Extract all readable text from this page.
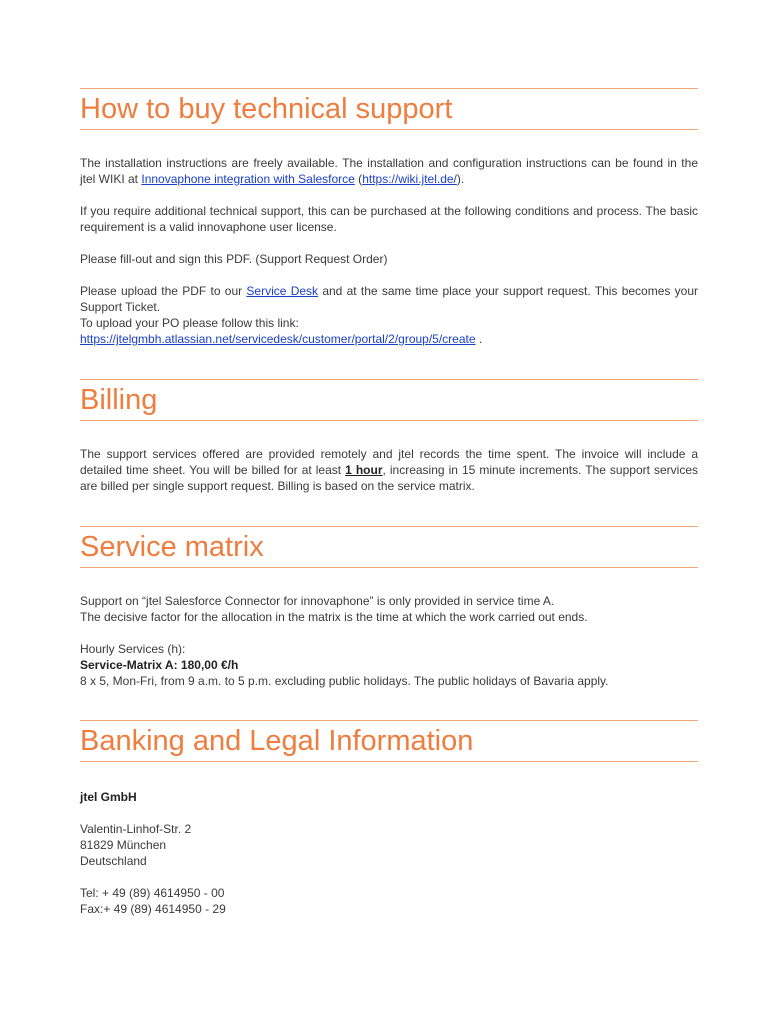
How to buy technical support

The installation instructions are freely available. The installation and configuration instructions can be found in the jtel WIKI at Innovaphone integration with Salesforce (https://wiki.jtel.de/).

If you require additional technical support, this can be purchased at the following conditions and process. The basic requirement is a valid innovaphone user license.

Please fill-out and sign this PDF. (Support Request Order)

Please upload the PDF to our Service Desk and at the same time place your support request. This becomes your Support Ticket.

To upload your PO please follow this link:

https://jtelgmbh.atlassian.net/servicedesk/customer/portal/2/group/5/create .

Billing

The support services offered are provided remotely and jtel records the time spent. The invoice will include a detailed time sheet. You will be billed for at least 1 hour, increasing in 15 minute increments. The support services are billed per single support request. Billing is based on the service matrix.

Service matrix

Support on “jtel Salesforce Connector for innovaphone” is only provided in service time A.

The decisive factor for the allocation in the matrix is the time at which the work carried out ends.

Hourly Services (h):

Service-Matrix A: 180,00 €/h

8 x 5, Mon-Fri, from 9 a.m. to 5 p.m. excluding public holidays. The public holidays of Bavaria apply.

Banking and Legal Information

jtel GmbH

Valentin-Linhof-Str. 2

81829 München

Deutschland

Tel: + 49 (89) 4614950 - 00

Fax:+ 49 (89) 4614950 - 29
